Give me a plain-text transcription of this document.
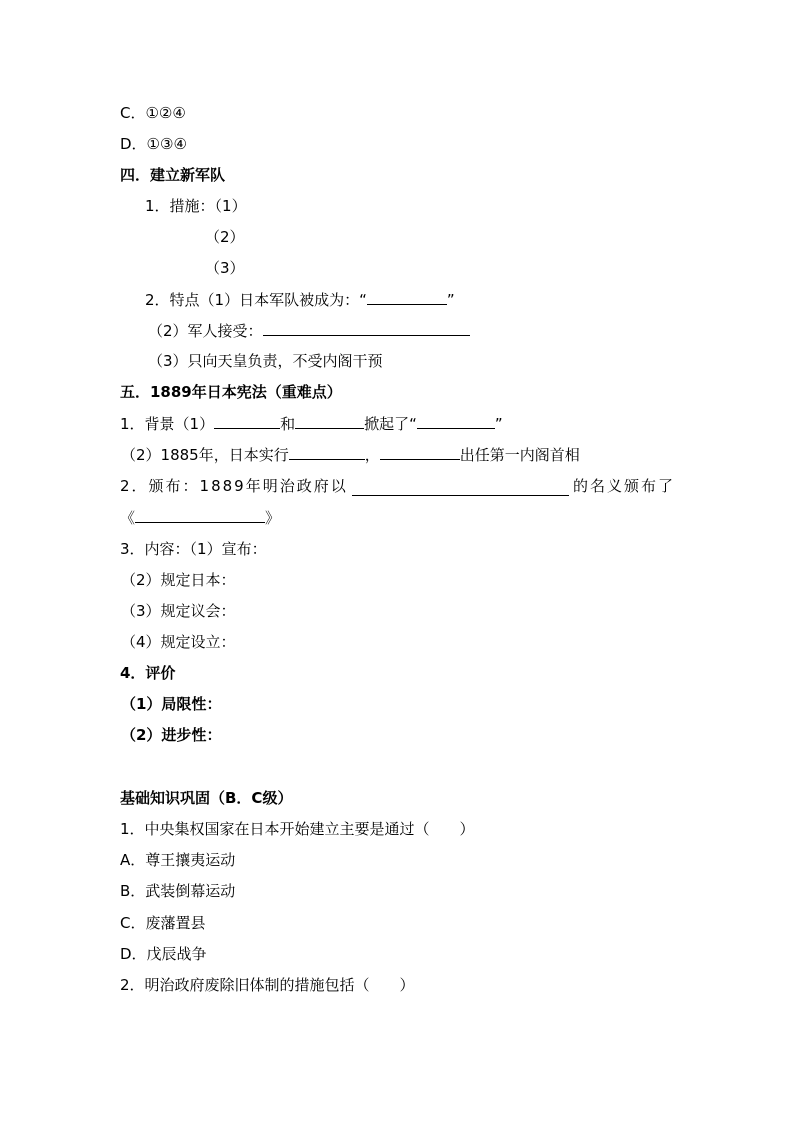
C．①②④
D．①③④
四．建立新军队
1．措施：（1）
（2）
（3）
2．特点（1）日本军队被成为：“	”
（2）军人接受：
（3）只向天皇负责，不受内阁干预
五．1889年日本宪法（重难点）
1．背景（1）	和	掀起了“	”
（2）1885年，日本实行	，	出任第一内阁首相
2．颁布：1889年明治政府以	的名义颁布了
《	》
3．内容：（1）宣布：
（2）规定日本：
（3）规定议会：
（4）规定设立：
4．评价
（1）局限性：
（2）进步性：
基础知识巩固（B．C级）
1．中央集权国家在日本开始建立主要是通过（　　）
A．尊王攘夷运动
B．武装倒幕运动
C．废藩置县
D．戊辰战争
2．明治政府废除旧体制的措施包括（　　）
